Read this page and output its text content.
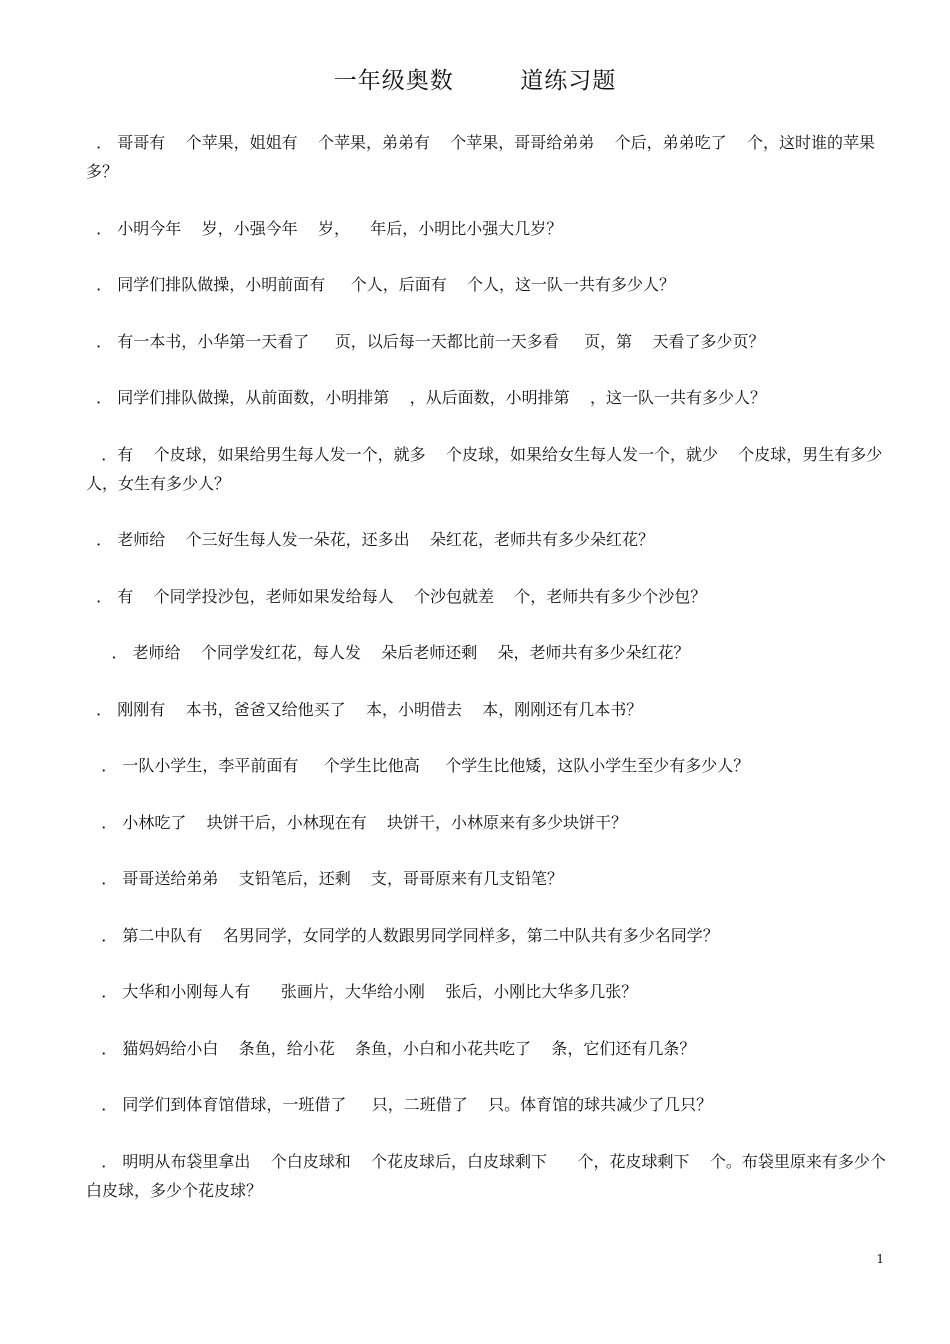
一年级奥数        道练习题
． 哥哥有    个苹果，姐姐有    个苹果，弟弟有    个苹果，哥哥给弟弟    个后，弟弟吃了    个，这时谁的苹果多？
． 小明今年    岁，小强今年    岁，    年后，小明比小强大几岁？
． 同学们排队做操，小明前面有     个人，后面有    个人，这一队一共有多少人？
． 有一本书，小华第一天看了     页，以后每一天都比前一天多看     页，第    天看了多少页？
． 同学们排队做操，从前面数，小明排第    ，从后面数，小明排第    ，这一队一共有多少人？
．有    个皮球，如果给男生每人发一个，就多    个皮球，如果给女生每人发一个，就少    个皮球，男生有多少人，女生有多少人？
． 老师给    个三好生每人发一朵花，还多出    朵红花，老师共有多少朵红花？
． 有    个同学投沙包，老师如果发给每人    个沙包就差    个，老师共有多少个沙包？
． 老师给    个同学发红花，每人发    朵后老师还剩    朵，老师共有多少朵红花？
． 刚刚有    本书，爸爸又给他买了    本，小明借去    本，刚刚还有几本书？
． 一队小学生，李平前面有     个学生比他高     个学生比他矮，这队小学生至少有多少人？
． 小林吃了    块饼干后，小林现在有    块饼干，小林原来有多少块饼干？
． 哥哥送给弟弟    支铅笔后，还剩    支，哥哥原来有几支铅笔？
． 第二中队有    名男同学，女同学的人数跟男同学同样多，第二中队共有多少名同学？
． 大华和小刚每人有      张画片，大华给小刚    张后，小刚比大华多几张？
． 猫妈妈给小白    条鱼，给小花    条鱼，小白和小花共吃了    条，它们还有几条？
． 同学们到体育馆借球，一班借了     只，二班借了    只。体育馆的球共减少了几只？
． 明明从布袋里拿出    个白皮球和    个花皮球后，白皮球剩下      个，花皮球剩下    个。布袋里原来有多少个白皮球，多少个花皮球？
1
